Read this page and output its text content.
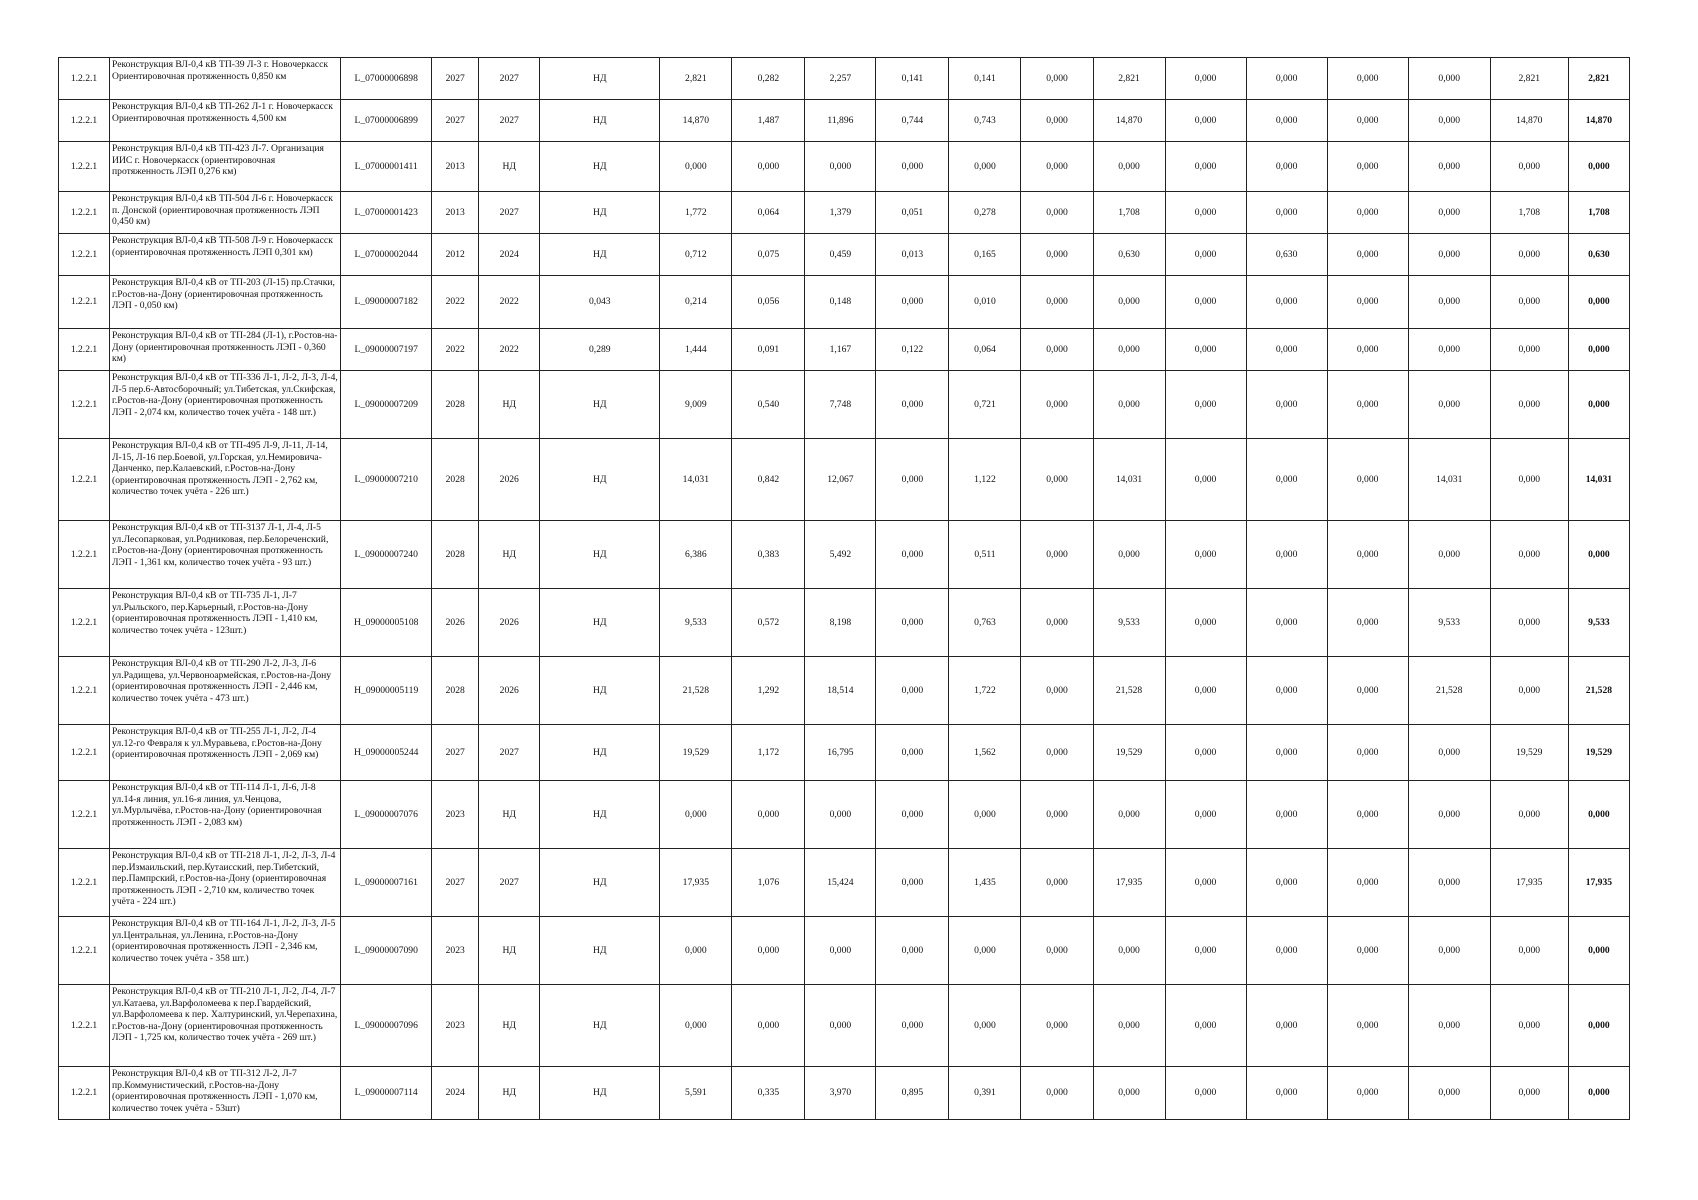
1.2.2.1	Реконструкция ВЛ-0,4 кВ ТП-39 Л-3 г. Новочеркасск Ориентировочная протяженность 0,850 км	L_07000006898	2027	2027	НД	2,821	0,282	2,257	0,141	0,141	0,000	2,821	0,000	0,000	0,000	0,000	2,821	2,821
1.2.2.1	Реконструкция ВЛ-0,4 кВ ТП-262 Л-1 г. Новочеркасск Ориентировочная протяженность 4,500 км	L_07000006899	2027	2027	НД	14,870	1,487	11,896	0,744	0,743	0,000	14,870	0,000	0,000	0,000	0,000	14,870	14,870
1.2.2.1	Реконструкция ВЛ-0,4 кВ ТП-423 Л-7. Организация ИИС г. Новочеркасск (ориентировочная протяженность ЛЭП 0,276 км)	L_07000001411	2013	НД	НД	0,000	0,000	0,000	0,000	0,000	0,000	0,000	0,000	0,000	0,000	0,000	0,000	0,000
1.2.2.1	Реконструкция ВЛ-0,4 кВ ТП-504 Л-6 г. Новочеркасск п. Донской (ориентировочная протяженность ЛЭП 0,450 км)	L_07000001423	2013	2027	НД	1,772	0,064	1,379	0,051	0,278	0,000	1,708	0,000	0,000	0,000	0,000	1,708	1,708
1.2.2.1	Реконструкция ВЛ-0,4 кВ ТП-508 Л-9 г. Новочеркасск (ориентировочная протяженность ЛЭП 0,301 км)	L_07000002044	2012	2024	НД	0,712	0,075	0,459	0,013	0,165	0,000	0,630	0,000	0,630	0,000	0,000	0,000	0,630
1.2.2.1	Реконструкция ВЛ-0,4 кВ от ТП-203 (Л-15) пр.Стачки, г.Ростов-на-Дону (ориентировочная протяженность ЛЭП - 0,050 км)	L_09000007182	2022	2022	0,043	0,214	0,056	0,148	0,000	0,010	0,000	0,000	0,000	0,000	0,000	0,000	0,000	0,000
1.2.2.1	Реконструкция ВЛ-0,4 кВ от ТП-284 (Л-1), г.Ростов-на-Дону (ориентировочная протяженность ЛЭП - 0,360 км)	L_09000007197	2022	2022	0,289	1,444	0,091	1,167	0,122	0,064	0,000	0,000	0,000	0,000	0,000	0,000	0,000	0,000
1.2.2.1	Реконструкция ВЛ-0,4 кВ от ТП-336 Л-1, Л-2, Л-3, Л-4, Л-5 пер.6-Автосборочный; ул.Тибетская, ул.Скифская, г.Ростов-на-Дону (ориентировочная протяженность ЛЭП - 2,074 км, количество точек учёта - 148 шт.)	L_09000007209	2028	НД	НД	9,009	0,540	7,748	0,000	0,721	0,000	0,000	0,000	0,000	0,000	0,000	0,000	0,000
1.2.2.1	Реконструкция ВЛ-0,4 кВ от ТП-495 Л-9, Л-11, Л-14, Л-15, Л-16 пер.Боевой, ул.Горская, ул.Немировича-Данченко, пер.Калаевский, г.Ростов-на-Дону (ориентировочная протяженность ЛЭП - 2,762 км, количество точек учёта - 226 шт.)	L_09000007210	2028	2026	НД	14,031	0,842	12,067	0,000	1,122	0,000	14,031	0,000	0,000	0,000	14,031	0,000	14,031
1.2.2.1	Реконструкция ВЛ-0,4 кВ от ТП-3137 Л-1, Л-4, Л-5 ул.Лесопарковая, ул.Родниковая, пер.Белореченский, г.Ростов-на-Дону (ориентировочная протяженность ЛЭП - 1,361 км, количество точек учёта - 93 шт.)	L_09000007240	2028	НД	НД	6,386	0,383	5,492	0,000	0,511	0,000	0,000	0,000	0,000	0,000	0,000	0,000	0,000
1.2.2.1	Реконструкция ВЛ-0,4 кВ от ТП-735 Л-1, Л-7 ул.Рыльского, пер.Карьерный, г.Ростов-на-Дону (ориентировочная протяженность ЛЭП - 1,410 км, количество точек учёта - 123шт.)	H_09000005108	2026	2026	НД	9,533	0,572	8,198	0,000	0,763	0,000	9,533	0,000	0,000	0,000	9,533	0,000	9,533
1.2.2.1	Реконструкция ВЛ-0,4 кВ от ТП-290 Л-2, Л-3, Л-6 ул.Радищева, ул.Червоноармейская, г.Ростов-на-Дону (ориентировочная протяженность ЛЭП - 2,446 км, количество точек учёта - 473 шт.)	H_09000005119	2028	2026	НД	21,528	1,292	18,514	0,000	1,722	0,000	21,528	0,000	0,000	0,000	21,528	0,000	21,528
1.2.2.1	Реконструкция ВЛ-0,4 кВ от ТП-255 Л-1, Л-2, Л-4 ул.12-го Февраля к ул.Муравьева, г.Ростов-на-Дону (ориентировочная протяженность ЛЭП - 2,069 км)	H_09000005244	2027	2027	НД	19,529	1,172	16,795	0,000	1,562	0,000	19,529	0,000	0,000	0,000	0,000	19,529	19,529
1.2.2.1	Реконструкция ВЛ-0,4 кВ от ТП-114 Л-1, Л-6, Л-8 ул.14-я линия, ул.16-я линия, ул.Ченцова, ул.Мурлычёва, г.Ростов-на-Дону (ориентировочная протяженность ЛЭП - 2,083 км)	L_09000007076	2023	НД	НД	0,000	0,000	0,000	0,000	0,000	0,000	0,000	0,000	0,000	0,000	0,000	0,000	0,000
1.2.2.1	Реконструкция ВЛ-0,4 кВ от ТП-218 Л-1, Л-2, Л-3, Л-4 пер.Измаильский, пер.Кутаисский, пер.Тибетский, пер.Пампрский, г.Ростов-на-Дону (ориентировочная протяженность ЛЭП - 2,710 км, количество точек учёта - 224 шт.)	L_09000007161	2027	2027	НД	17,935	1,076	15,424	0,000	1,435	0,000	17,935	0,000	0,000	0,000	0,000	17,935	17,935
1.2.2.1	Реконструкция ВЛ-0,4 кВ от ТП-164 Л-1, Л-2, Л-3, Л-5 ул.Центральная, ул.Ленина, г.Ростов-на-Дону (ориентировочная протяженность ЛЭП - 2,346 км, количество точек учёта - 358 шт.)	L_09000007090	2023	НД	НД	0,000	0,000	0,000	0,000	0,000	0,000	0,000	0,000	0,000	0,000	0,000	0,000	0,000
1.2.2.1	Реконструкция ВЛ-0,4 кВ от ТП-210 Л-1, Л-2, Л-4, Л-7 ул.Катаева, ул.Варфоломеева к пер.Гвардейский, ул.Варфоломеева к пер. Халтуринский, ул.Черепахина, г.Ростов-на-Дону (ориентировочная протяженность ЛЭП - 1,725 км, количество точек учёта - 269 шт.)	L_09000007096	2023	НД	НД	0,000	0,000	0,000	0,000	0,000	0,000	0,000	0,000	0,000	0,000	0,000	0,000	0,000
1.2.2.1	Реконструкция ВЛ-0,4 кВ от ТП-312 Л-2, Л-7 пр.Коммунистический, г.Ростов-на-Дону (ориентировочная протяженность ЛЭП - 1,070 км, количество точек учёта - 53шт)	L_09000007114	2024	НД	НД	5,591	0,335	3,970	0,895	0,391	0,000	0,000	0,000	0,000	0,000	0,000	0,000	0,000
